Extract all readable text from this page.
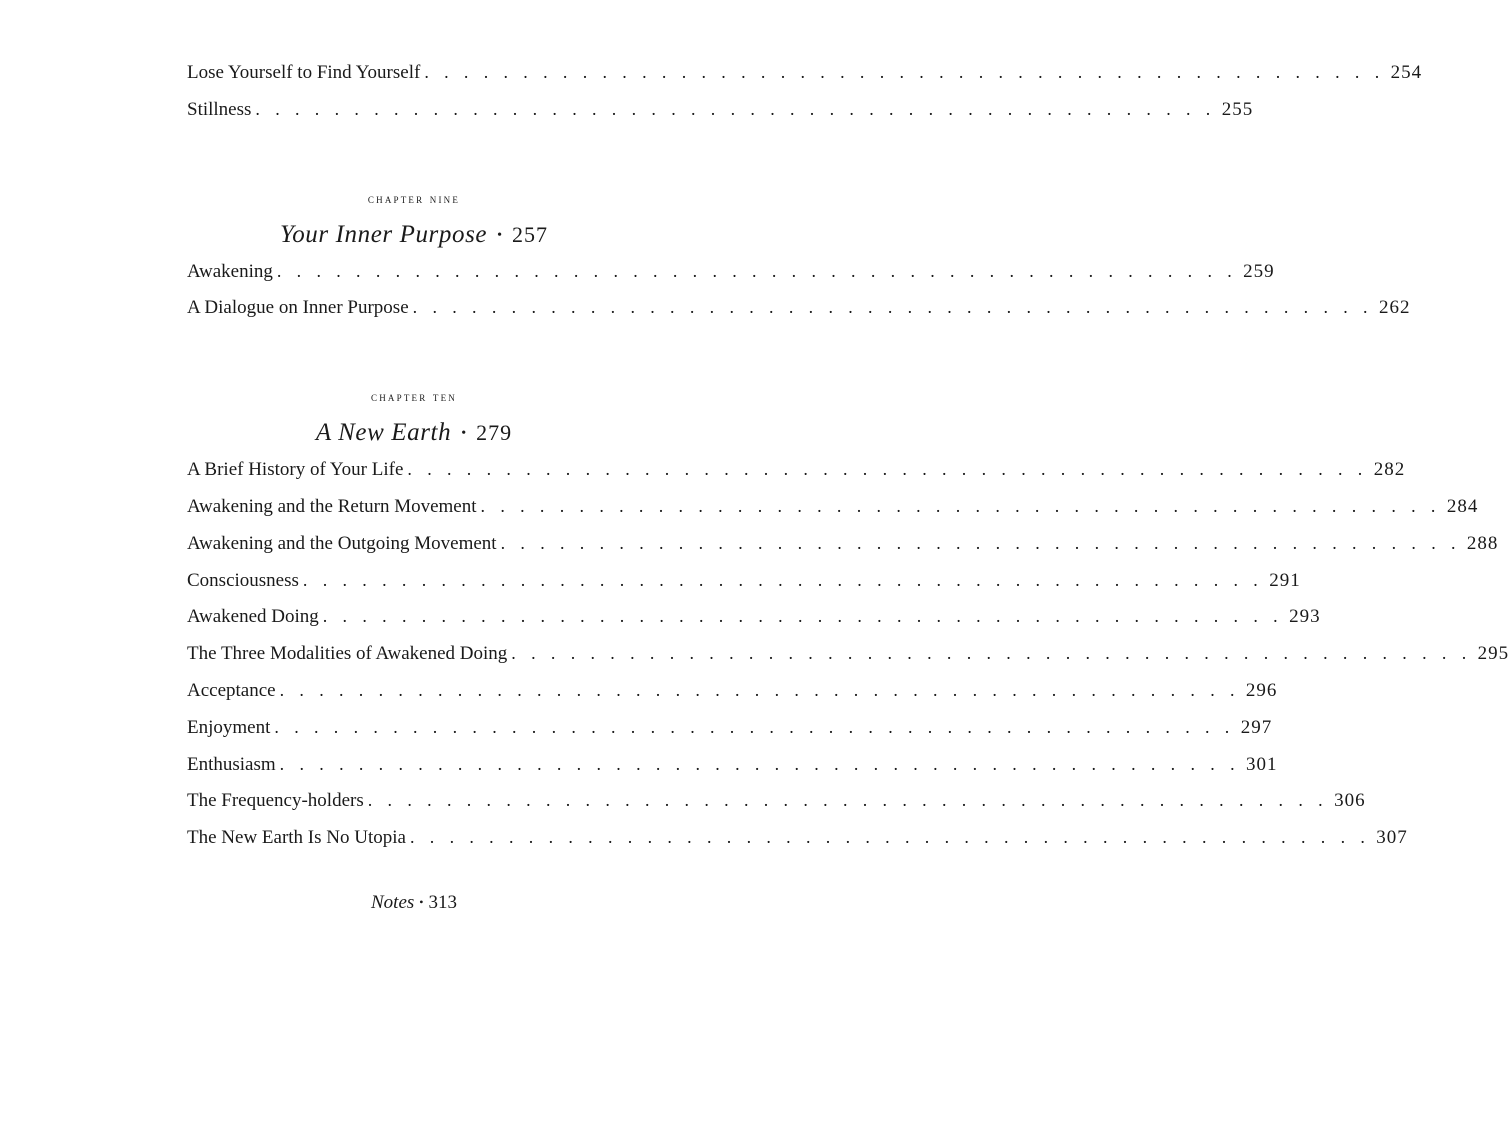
Lose Yourself to Find Yourself . . . . . . . . . . . . . . . . . . . . . . . . . . . . . . . . . . . . . . . . . . . . . . . . . 254
Stillness . . . . . . . . . . . . . . . . . . . . . . . . . . . . . . . . . . . . . . . . . . . . . . . . . 255

chapter nine

Your Inner Purpose • 257

Awakening . . . . . . . . . . . . . . . . . . . . . . . . . . . . . . . . . . . . . . . . . . . . . . . . . 259
A Dialogue on Inner Purpose . . . . . . . . . . . . . . . . . . . . . . . . . . . . . . . . . . . . . . . . . . . . . . . . . 262

chapter ten

A New Earth • 279

A Brief History of Your Life . . . . . . . . . . . . . . . . . . . . . . . . . . . . . . . . . . . . . . . . . . . . . . . . . 282
Awakening and the Return Movement . . . . . . . . . . . . . . . . . . . . . . . . . . . . . . . . . . . . . . . . . . . . . . . . . 284
Awakening and the Outgoing Movement . . . . . . . . . . . . . . . . . . . . . . . . . . . . . . . . . . . . . . . . . . . . . . . . . 288
Consciousness . . . . . . . . . . . . . . . . . . . . . . . . . . . . . . . . . . . . . . . . . . . . . . . . . 291
Awakened Doing . . . . . . . . . . . . . . . . . . . . . . . . . . . . . . . . . . . . . . . . . . . . . . . . . 293
The Three Modalities of Awakened Doing . . . . . . . . . . . . . . . . . . . . . . . . . . . . . . . . . . . . . . . . . . . . . . . . . 295
Acceptance . . . . . . . . . . . . . . . . . . . . . . . . . . . . . . . . . . . . . . . . . . . . . . . . . 296
Enjoyment . . . . . . . . . . . . . . . . . . . . . . . . . . . . . . . . . . . . . . . . . . . . . . . . . 297
Enthusiasm . . . . . . . . . . . . . . . . . . . . . . . . . . . . . . . . . . . . . . . . . . . . . . . . . 301
The Frequency-holders . . . . . . . . . . . . . . . . . . . . . . . . . . . . . . . . . . . . . . . . . . . . . . . . . 306
The New Earth Is No Utopia . . . . . . . . . . . . . . . . . . . . . . . . . . . . . . . . . . . . . . . . . . . . . . . . . 307
Notes • 313
